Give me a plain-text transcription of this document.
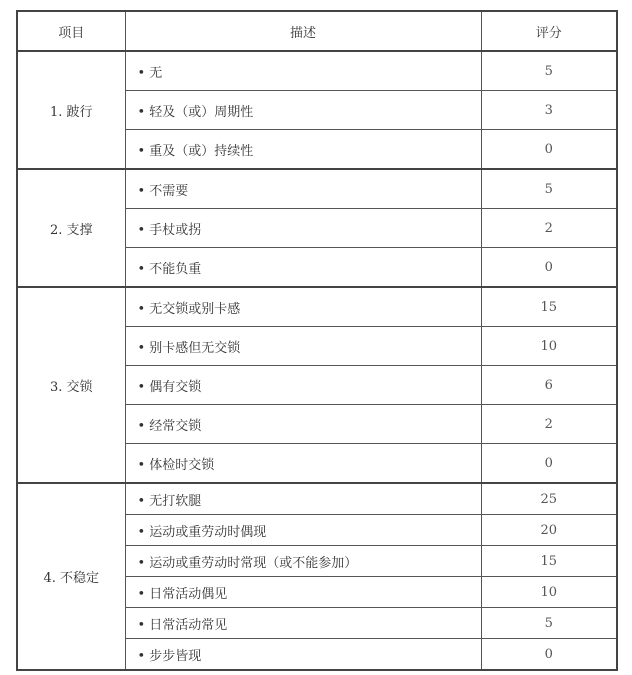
项目	描述	评分
1. 跛行	• 无	5
	• 轻及（或）周期性	3
	• 重及（或）持续性	0
2. 支撑	• 不需要	5
	• 手杖或拐	2
	• 不能负重	0
3. 交锁	• 无交锁或别卡感	15
	• 别卡感但无交锁	10
	• 偶有交锁	6
	• 经常交锁	2
	• 体检时交锁	0
4. 不稳定	• 无打软腿	25
	• 运动或重劳动时偶现	20
	• 运动或重劳动时常现（或不能参加）	15
	• 日常活动偶见	10
	• 日常活动常见	5
	• 步步皆现	0
